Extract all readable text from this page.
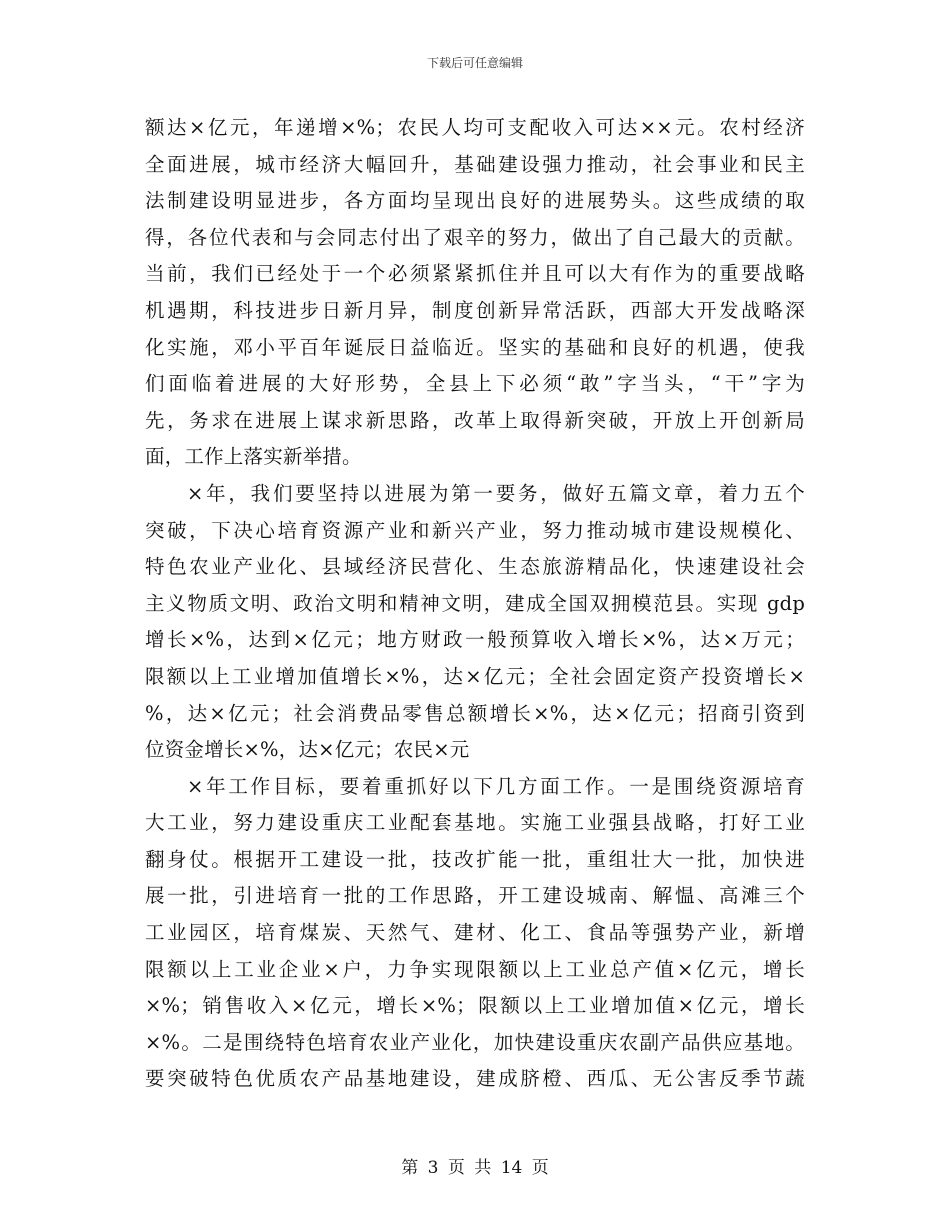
下载后可任意编辑
额达×亿元，年递增×%；农民人均可支配收入可达××元。农村经济
全面进展，城市经济大幅回升，基础建设强力推动，社会事业和民主
法制建设明显进步，各方面均呈现出良好的进展势头。这些成绩的取
得，各位代表和与会同志付出了艰辛的努力，做出了自己最大的贡献。
当前，我们已经处于一个必须紧紧抓住并且可以大有作为的重要战略
机遇期，科技进步日新月异，制度创新异常活跃，西部大开发战略深
化实施，邓小平百年诞辰日益临近。坚实的基础和良好的机遇，使我
们面临着进展的大好形势，全县上下必须“敢”字当头，“干”字为
先，务求在进展上谋求新思路，改革上取得新突破，开放上开创新局
面，工作上落实新举措。
×年，我们要坚持以进展为第一要务，做好五篇文章，着力五个
突破，下决心培育资源产业和新兴产业，努力推动城市建设规模化、
特色农业产业化、县域经济民营化、生态旅游精品化，快速建设社会
主义物质文明、政治文明和精神文明，建成全国双拥模范县。实现 gdp
增长×%，达到×亿元；地方财政一般预算收入增长×%，达×万元；
限额以上工业增加值增长×%，达×亿元；全社会固定资产投资增长×
%，达×亿元；社会消费品零售总额增长×%，达×亿元；招商引资到
位资金增长×%，达×亿元；农民×元
×年工作目标，要着重抓好以下几方面工作。一是围绕资源培育
大工业，努力建设重庆工业配套基地。实施工业强县战略，打好工业
翻身仗。根据开工建设一批，技改扩能一批，重组壮大一批，加快进
展一批，引进培育一批的工作思路，开工建设城南、解愠、高滩三个
工业园区，培育煤炭、天然气、建材、化工、食品等强势产业，新增
限额以上工业企业×户，力争实现限额以上工业总产值×亿元，增长
×%；销售收入×亿元，增长×%；限额以上工业增加值×亿元，增长
×%。二是围绕特色培育农业产业化，加快建设重庆农副产品供应基地。
要突破特色优质农产品基地建设，建成脐橙、西瓜、无公害反季节蔬
第 3 页 共 14 页
